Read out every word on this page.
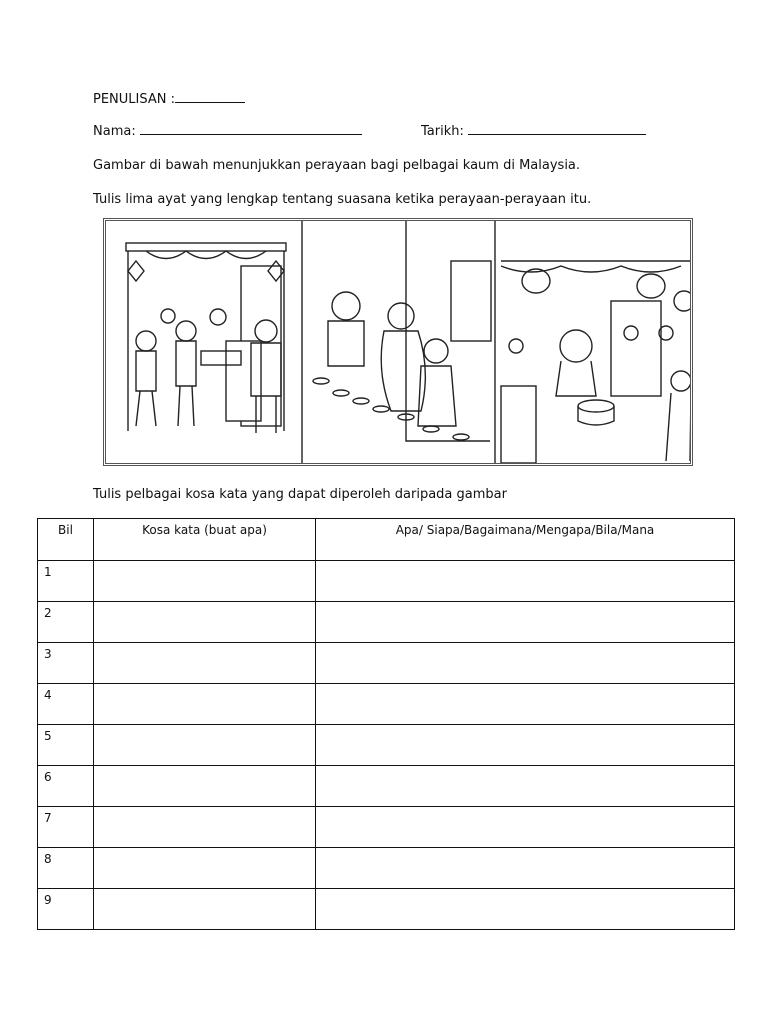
PENULISAN :
Nama:	Tarikh:
Gambar di bawah menunjukkan perayaan bagi pelbagai kaum di Malaysia.
Tulis lima ayat yang lengkap tentang suasana ketika perayaan-perayaan itu.
Tulis pelbagai kosa kata yang dapat diperoleh daripada gambar
Bil	Kosa kata (buat apa)	Apa/ Siapa/Bagaimana/Mengapa/Bila/Mana
1		
2		
3		
4		
5		
6		
7		
8		
9		
